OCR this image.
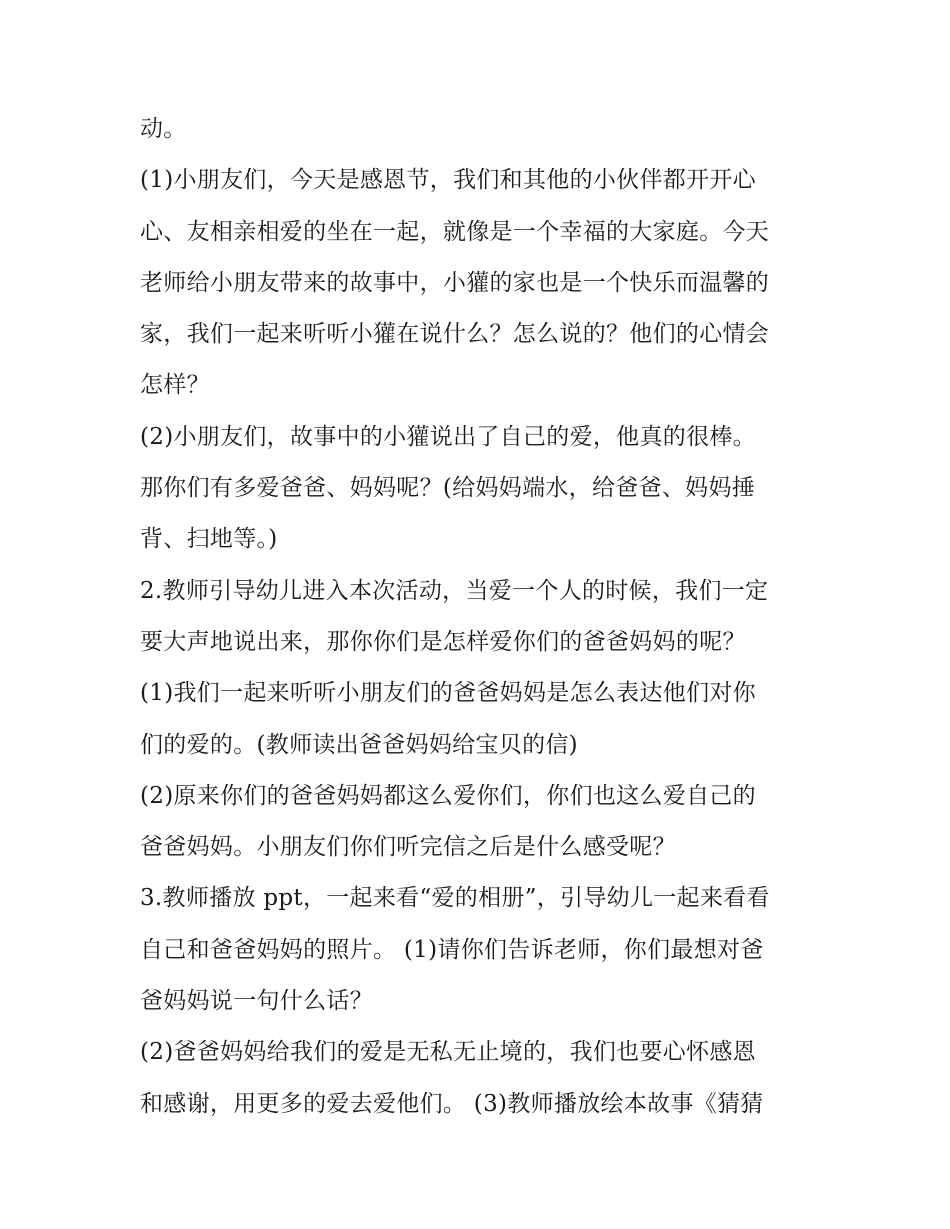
动。
(1)小朋友们，今天是感恩节，我们和其他的小伙伴都开开心
心、友相亲相爱的坐在一起，就像是一个幸福的大家庭。今天
老师给小朋友带来的故事中，小獾的家也是一个快乐而温馨的
家，我们一起来听听小獾在说什么？怎么说的？他们的心情会
怎样？
(2)小朋友们，故事中的小獾说出了自己的爱，他真的很棒。
那你们有多爱爸爸、妈妈呢？(给妈妈端水，给爸爸、妈妈捶
背、扫地等。)
2.教师引导幼儿进入本次活动，当爱一个人的时候，我们一定
要大声地说出来，那你你们是怎样爱你们的爸爸妈妈的呢？
(1)我们一起来听听小朋友们的爸爸妈妈是怎么表达他们对你
们的爱的。(教师读出爸爸妈妈给宝贝的信)
(2)原来你们的爸爸妈妈都这么爱你们，你们也这么爱自己的
爸爸妈妈。小朋友们你们听完信之后是什么感受呢？
3.教师播放 ppt，一起来看“爱的相册”，引导幼儿一起来看看
自己和爸爸妈妈的照片。 (1)请你们告诉老师，你们最想对爸
爸妈妈说一句什么话？
(2)爸爸妈妈给我们的爱是无私无止境的，我们也要心怀感恩
和感谢，用更多的爱去爱他们。 (3)教师播放绘本故事《猜猜
